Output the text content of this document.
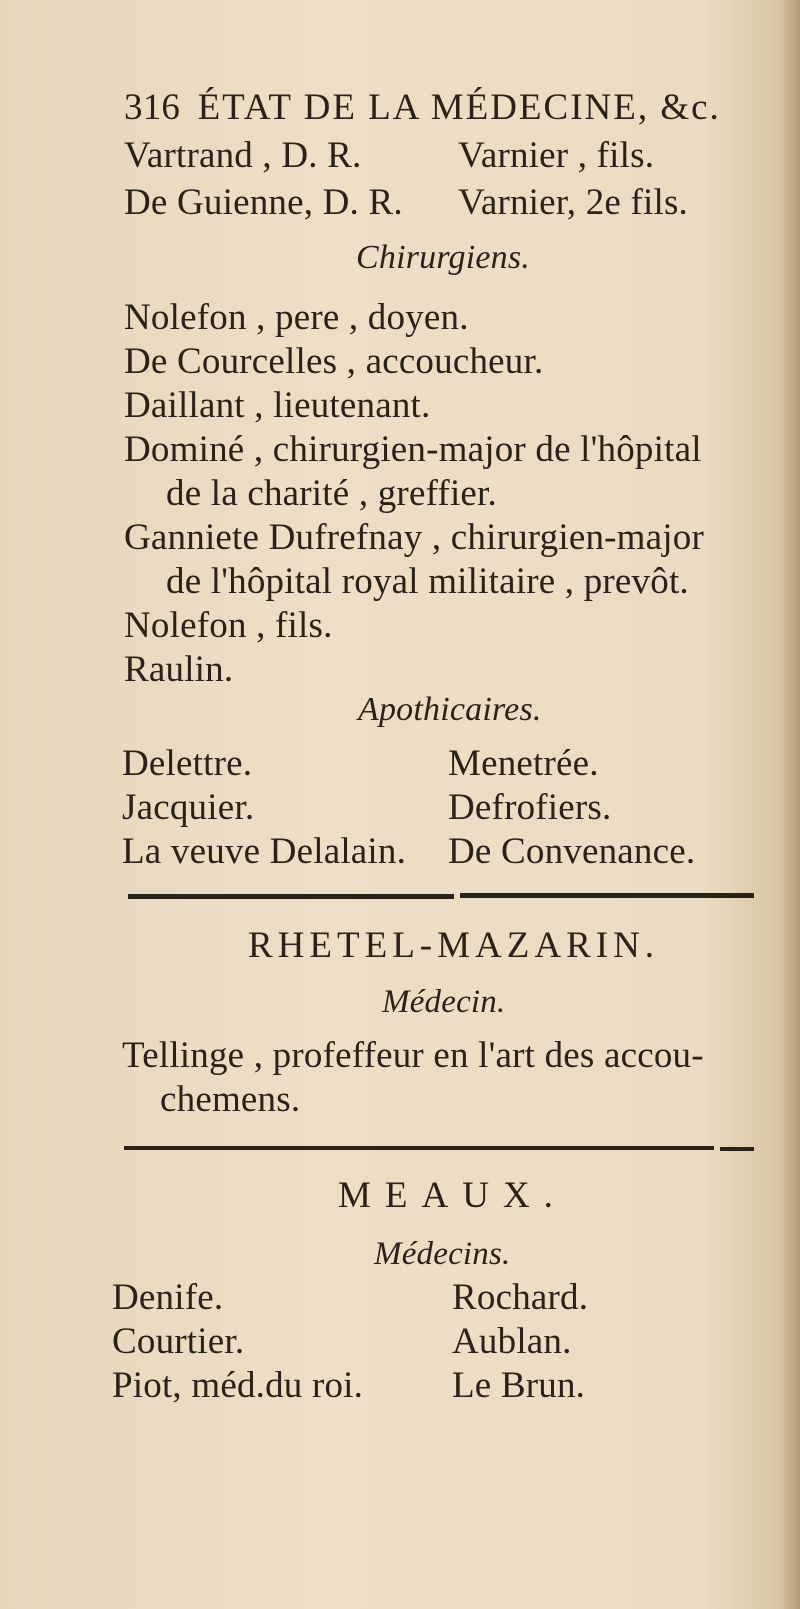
316 ÉTAT DE LA MÉDECINE, &c.
Vartrand , D. R.	Varnier , fils.
De Guienne, D. R. Varnier, 2e fils.
Chirurgiens.
Nolefon , pere , doyen.
De Courcelles , accoucheur.
Daillant , lieutenant.
Dominé , chirurgien-major de l'hôpital
de la charité , greffier.
Ganniete Dufrefnay , chirurgien-major
de l'hôpital royal militaire , prevôt.
Nolefon , fils.
Raulin.
Apothicaires.
Delettre.	Menetrée.
Jacquier.	Defrofiers.
La veuve Delalain. De Convenance.
RHETEL-MAZARIN.
Médecin.
Tellinge , profeffeur en l'art des accou-
chemens.
MEAUX.
Médecins.
Denife.	Rochard.
Courtier.	Aublan.
Piot, méd.du roi. Le Brun.
